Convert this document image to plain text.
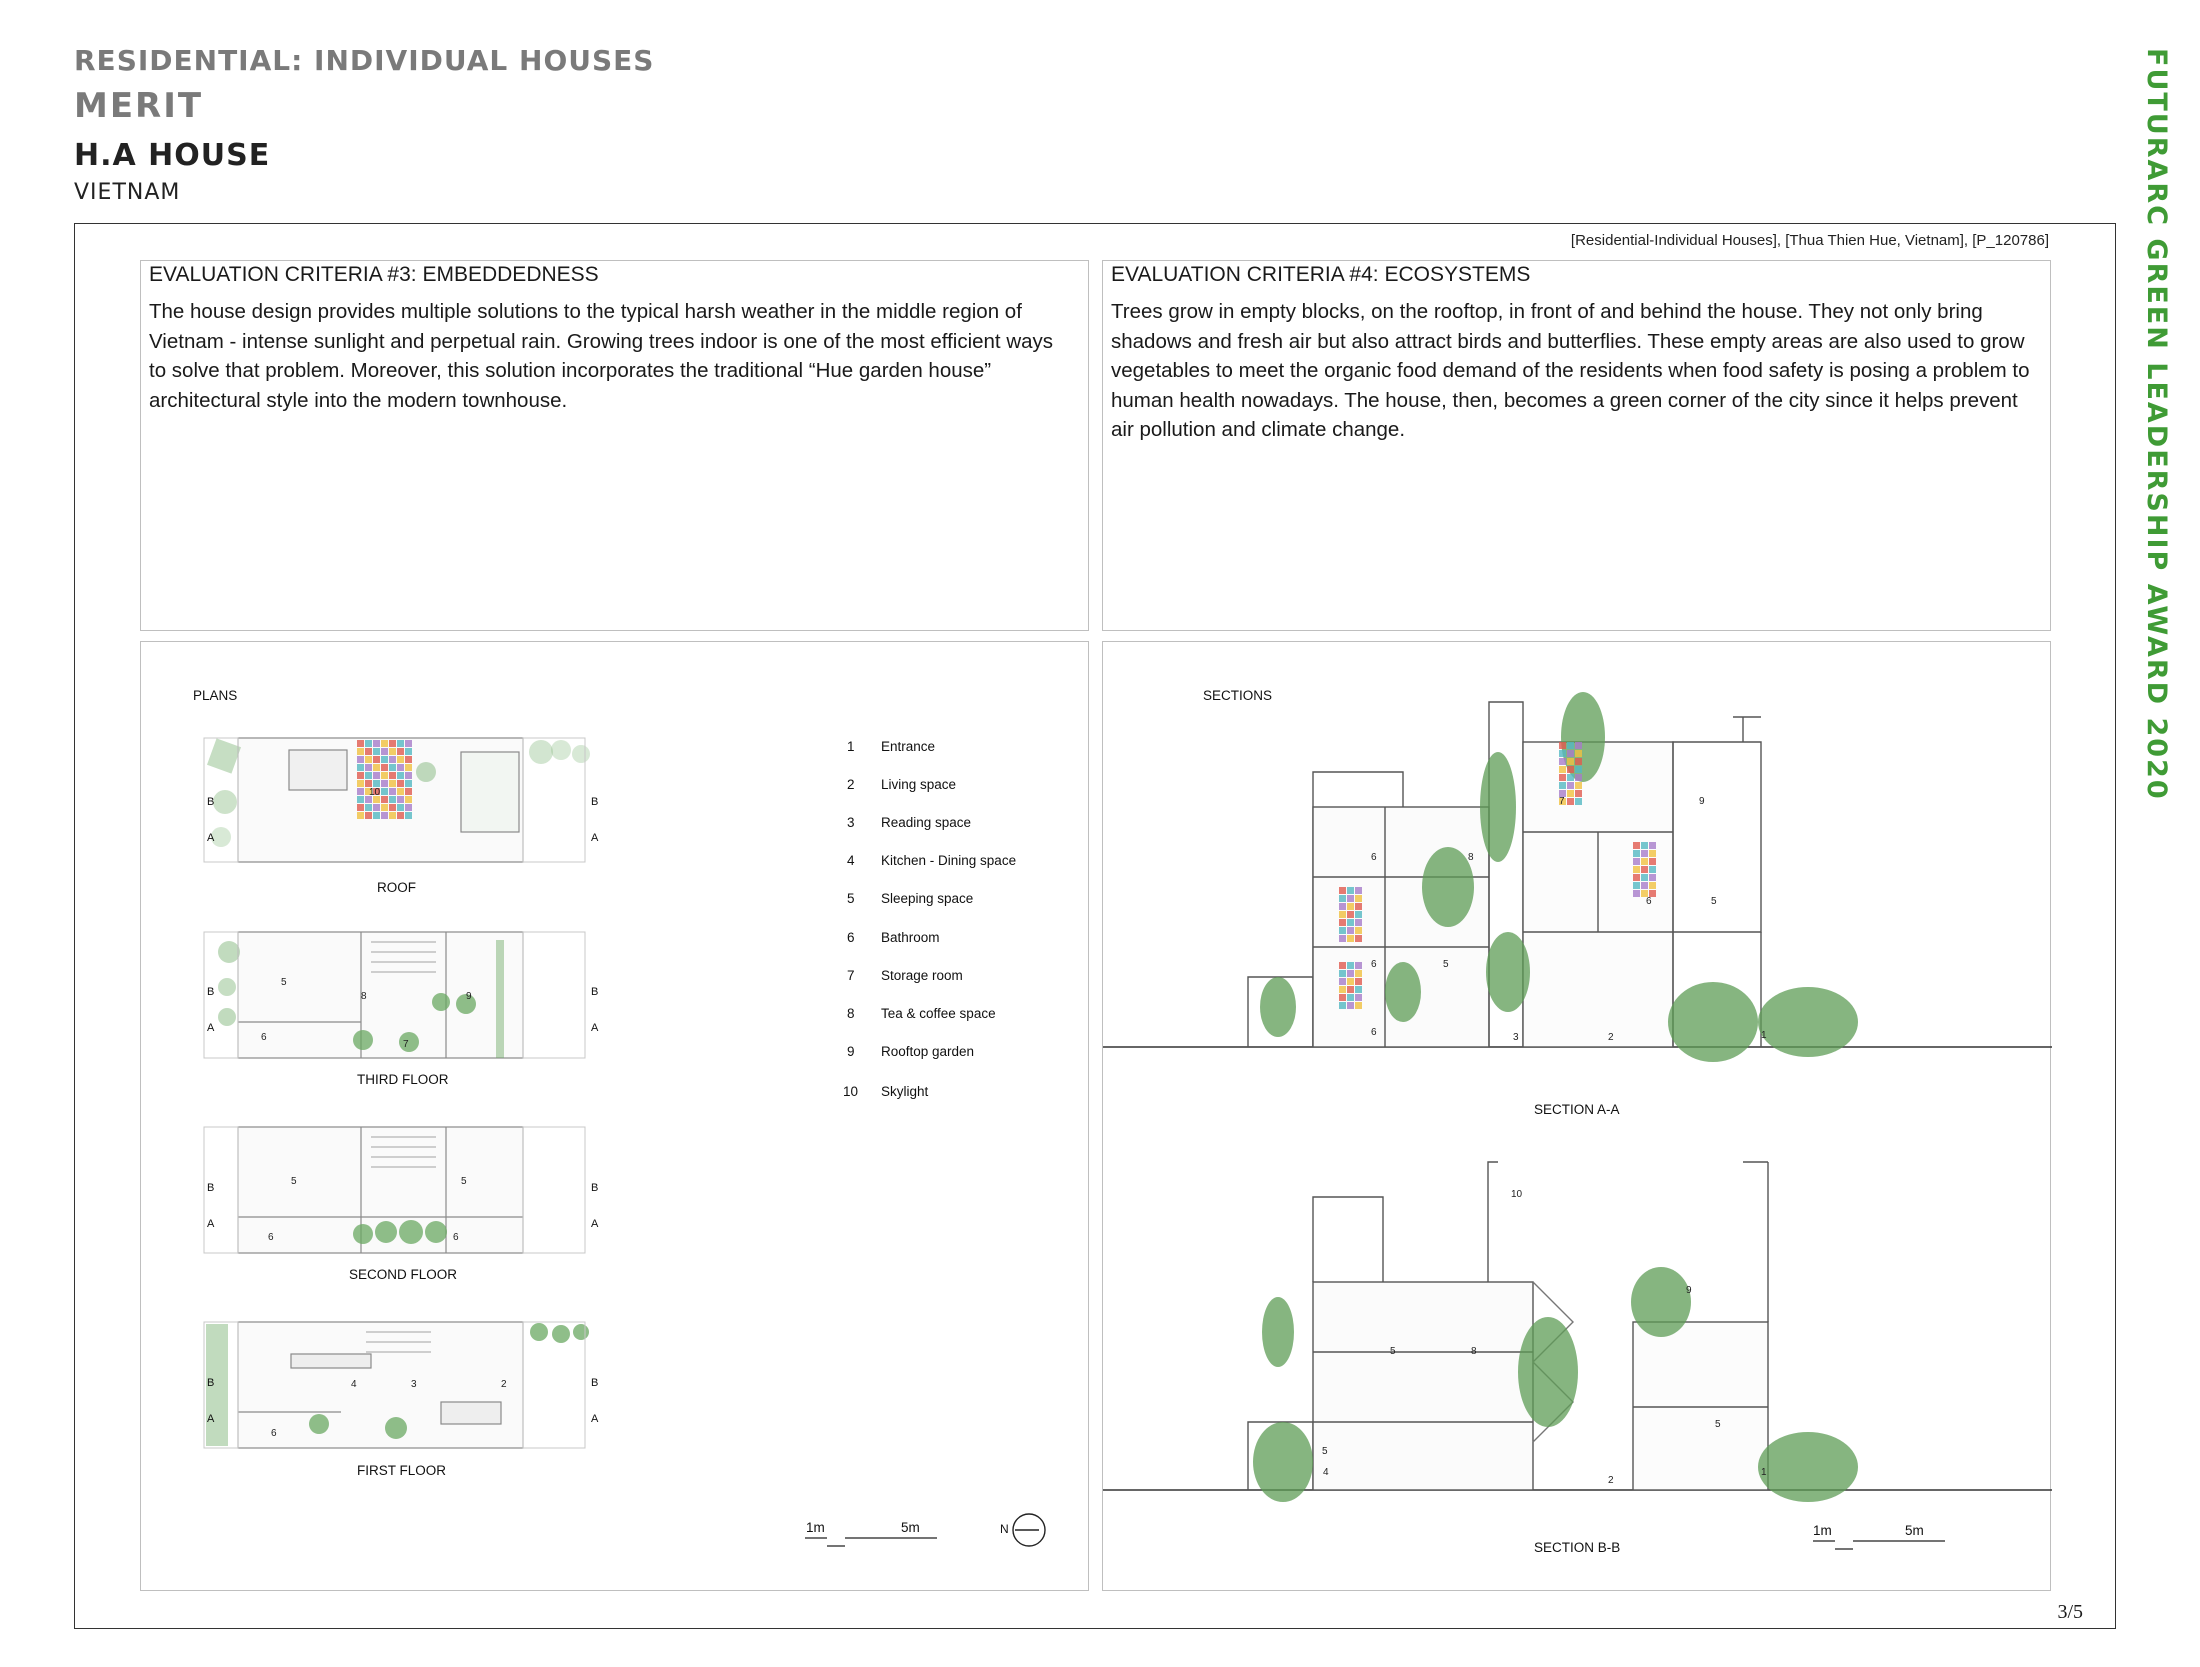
RESIDENTIAL: INDIVIDUAL HOUSES
MERIT
H.A HOUSE
VIETNAM	FUTURARC GREEN LEADERSHIP AWARD 2020
[Residential-Individual Houses], [Thua Thien Hue, Vietnam], [P_120786]
EVALUATION CRITERIA #3: EMBEDDEDNESS

The house design provides multiple solutions to the typical harsh weather in the middle region of Vietnam - intense sunlight and perpetual rain. Growing trees indoor is one of the most efficient ways to solve that problem. Moreover, this solution incorporates the traditional “Hue garden house” architectural style into the modern townhouse.

EVALUATION CRITERIA #4: ECOSYSTEMS

Trees grow in empty blocks, on the rooftop, in front of and behind the house. They not only bring shadows and fresh air but also attract birds and butterflies. These empty areas are also used to grow vegetables to meet the organic food demand of the residents when food safety is posing a problem to human health nowadays. The house, then, becomes a green corner of the city since it helps prevent air pollution and climate change.

PLANS
10
5
8	9
6
7
5	5
6	6
4	3	2
6
ROOF
THIRD FLOOR
SECOND FLOOR
FIRST FLOOR
B
A
B
A
B
A
B
A
B
A
B
A
B
A
B
A
1 Entrance
2 Living space
3 Reading space
4 Kitchen - Dining space
5 Sleeping space
6 Bathroom
7 Storage room
8 Tea & coffee space
9 Rooftop garden
10 Skylight
1m	5m	N
SECTIONS
7	9
6	8
6	5
6	5
6	3	2	1
10
9
5	8
5
5
4
2
1
SECTION A-A
SECTION B-B
1m	5m
3/5
